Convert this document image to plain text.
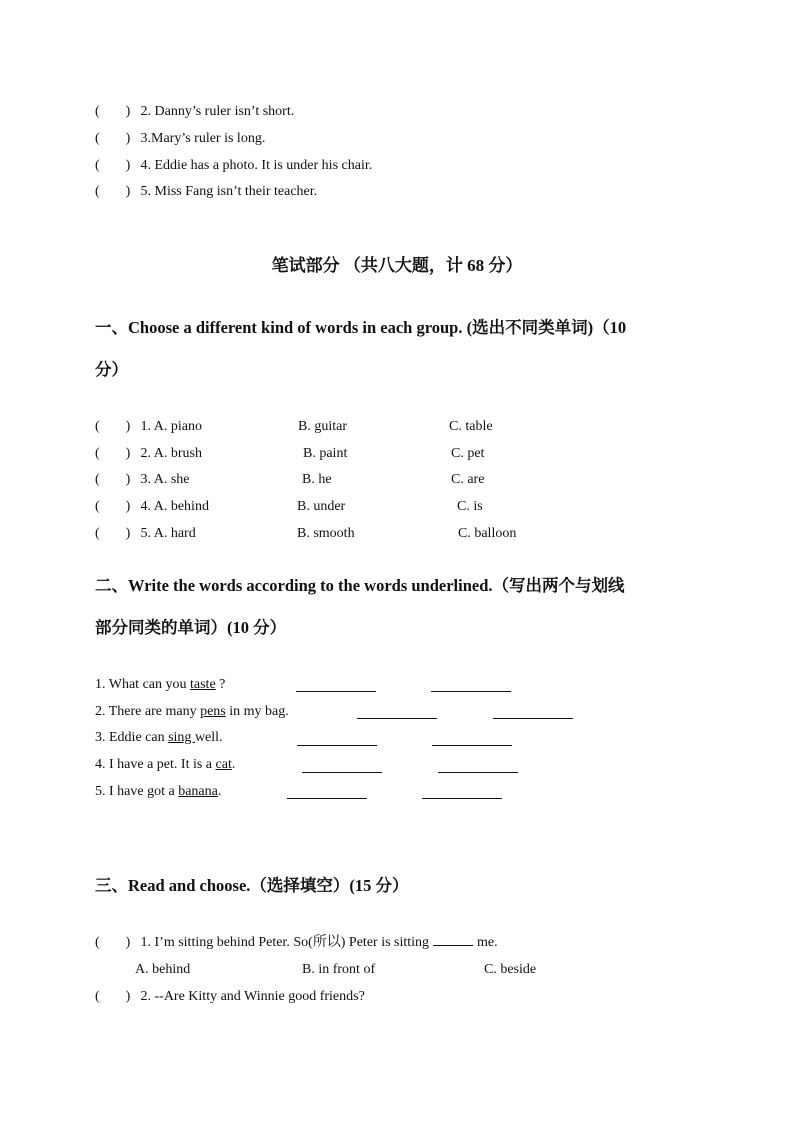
( ) 2. Danny’s ruler isn’t short.
( ) 3.Mary’s ruler is long.
( ) 4. Eddie has a photo. It is under his chair.
( ) 5. Miss Fang isn’t their teacher.
笔试部分 （共八大题，计 68 分）
一、Choose a different kind of words in each group. (选出不同类单词)（10
分）
( ) 1. A. piano	B. guitar	C. table
( ) 2. A. brush	B. paint	C. pet
( ) 3. A. she	B. he	C. are
( ) 4. A. behind	B. under	C. is
( ) 5. A. hard	B. smooth	C. balloon
二、Write the words according to the words underlined.（写出两个与划线
部分同类的单词）(10 分）
1. What can you taste ?
2. There are many pens in my bag.
3. Eddie can sing well.
4. I have a pet. It is a cat.
5. I have got a banana.
三、Read and choose.（选择填空）(15 分）
( ) 1. I’m sitting behind Peter. So(所以) Peter is sitting	me.
A. behind	B. in front of	C. beside
( ) 2. --Are Kitty and Winnie good friends?
